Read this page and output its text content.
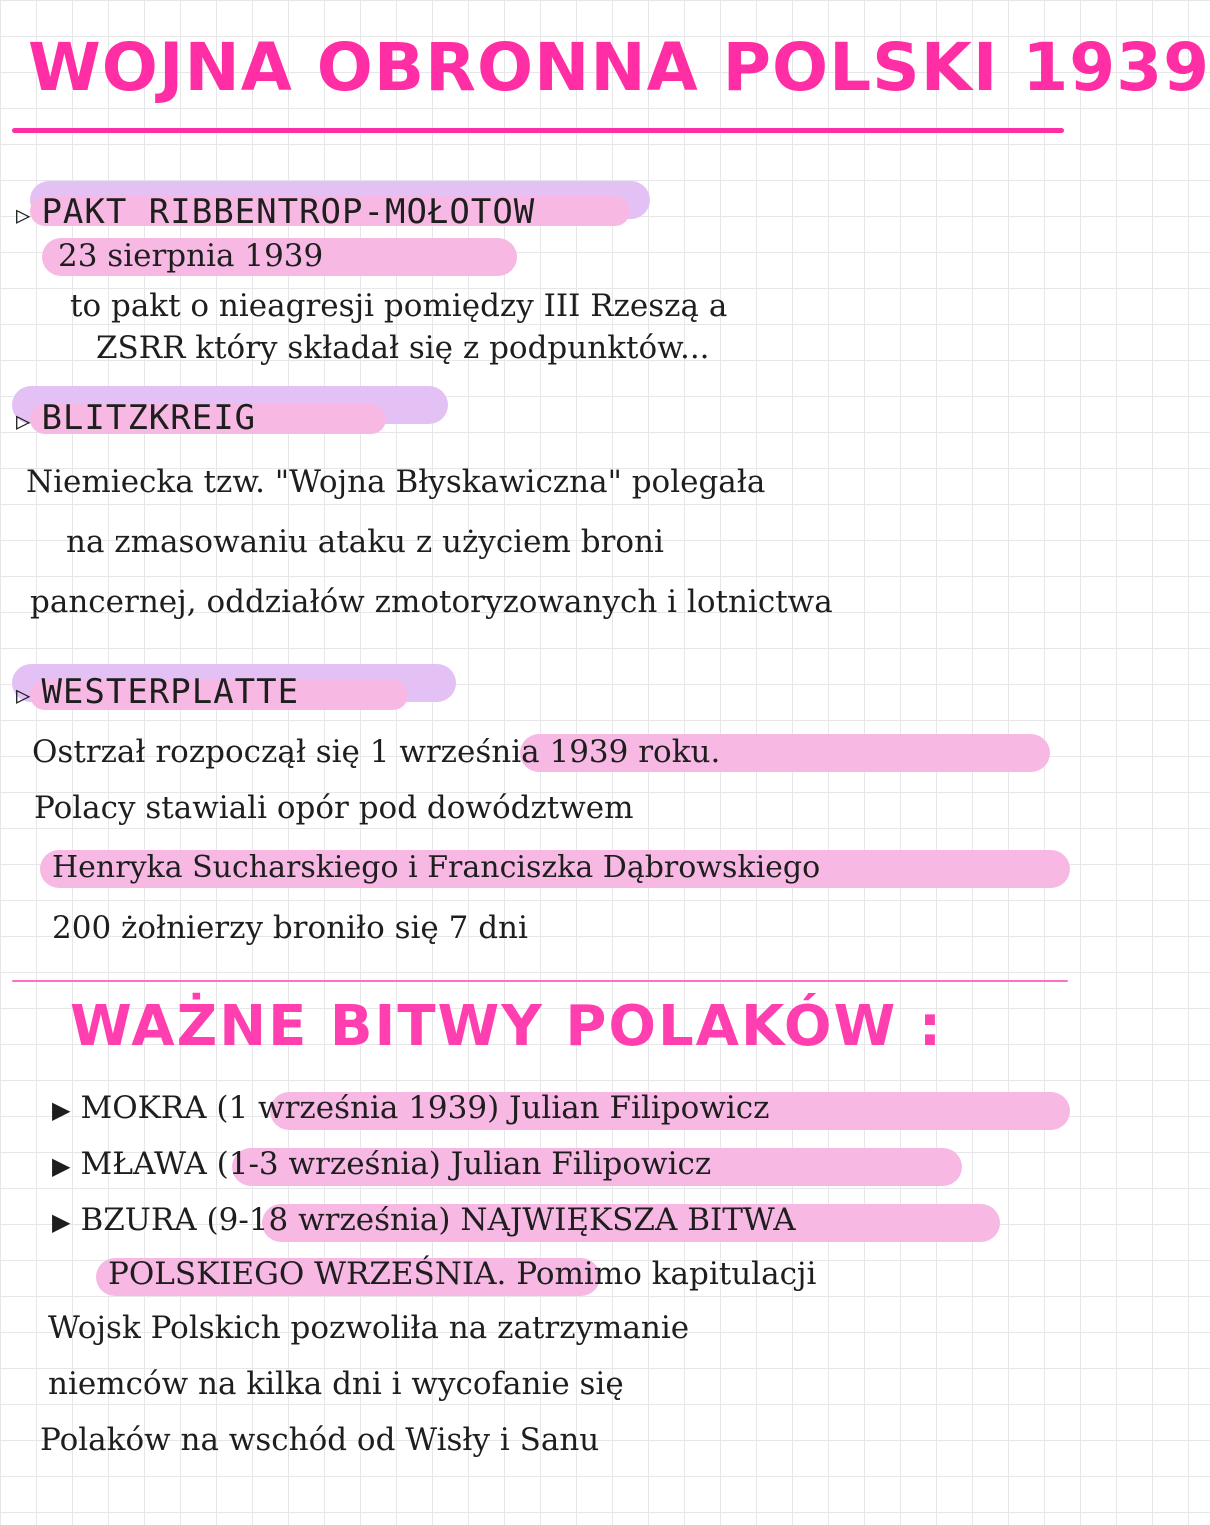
WOJNA OBRONNA POLSKI 1939
▷ PAKT RIBBENTROP-MOŁOTOW
23 sierpnia 1939
to pakt o nieagresji pomiędzy III Rzeszą a
ZSRR który składał się z podpunktów...
▷ BLITZKREIG
Niemiecka tzw. "Wojna Błyskawiczna" polegała
na zmasowaniu ataku z użyciem broni
pancernej, oddziałów zmotoryzowanych i lotnictwa
▷ WESTERPLATTE
Ostrzał rozpoczął się 1 września 1939 roku.
Polacy stawiali opór pod dowództwem
Henryka Sucharskiego i Franciszka Dąbrowskiego
200 żołnierzy broniło się 7 dni
WAŻNE BITWY POLAKÓW :
▶ MOKRA (1 września 1939) Julian Filipowicz
▶ MŁAWA (1-3 września) Julian Filipowicz
▶ BZURA (9-18 września) NAJWIĘKSZA BITWA
POLSKIEGO WRZEŚNIA. Pomimo kapitulacji
Wojsk Polskich pozwoliła na zatrzymanie
niemców na kilka dni i wycofanie się
Polaków na wschód od Wisły i Sanu
